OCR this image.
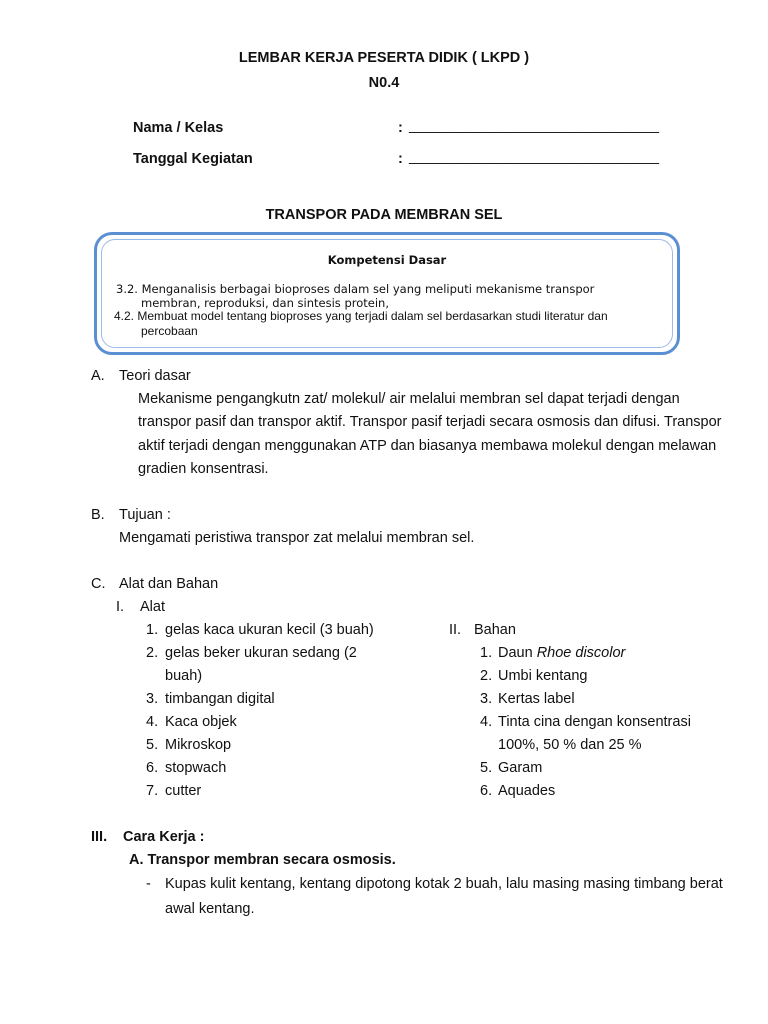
LEMBAR KERJA PESERTA DIDIK ( LKPD )
N0.4
Nama / Kelas	: _______________________________
Tanggal Kegiatan	: _______________________________
TRANSPOR PADA MEMBRAN SEL
Kompetensi Dasar
3.2. Menganalisis berbagai bioproses dalam sel yang meliputi mekanisme transpor
membran, reproduksi, dan sintesis protein,
4.2. Membuat model tentang bioproses yang terjadi dalam sel berdasarkan studi literatur dan
percobaan
A. Teori dasar
Mekanisme pengangkutn zat/ molekul/ air melalui membran sel dapat terjadi dengan
transpor pasif dan transpor aktif. Transpor pasif terjadi secara osmosis dan difusi. Transpor
aktif terjadi dengan menggunakan ATP dan biasanya membawa molekul dengan melawan
gradien konsentrasi.
B. Tujuan :
Mengamati peristiwa transpor zat melalui membran sel.
C. Alat dan Bahan
I. Alat
1. gelas kaca ukuran kecil (3 buah)
2. gelas beker ukuran sedang (2
buah)
3. timbangan digital
4. Kaca objek
5. Mikroskop
6. stopwach
7. cutter
II. Bahan
1. Daun Rhoe discolor
2. Umbi kentang
3. Kertas label
4. Tinta cina dengan konsentrasi
100%, 50 % dan 25 %
5. Garam
6. Aquades
III. Cara Kerja :
A. Transpor membran secara osmosis.
- Kupas kulit kentang, kentang dipotong kotak 2 buah, lalu masing masing timbang berat
awal kentang.
